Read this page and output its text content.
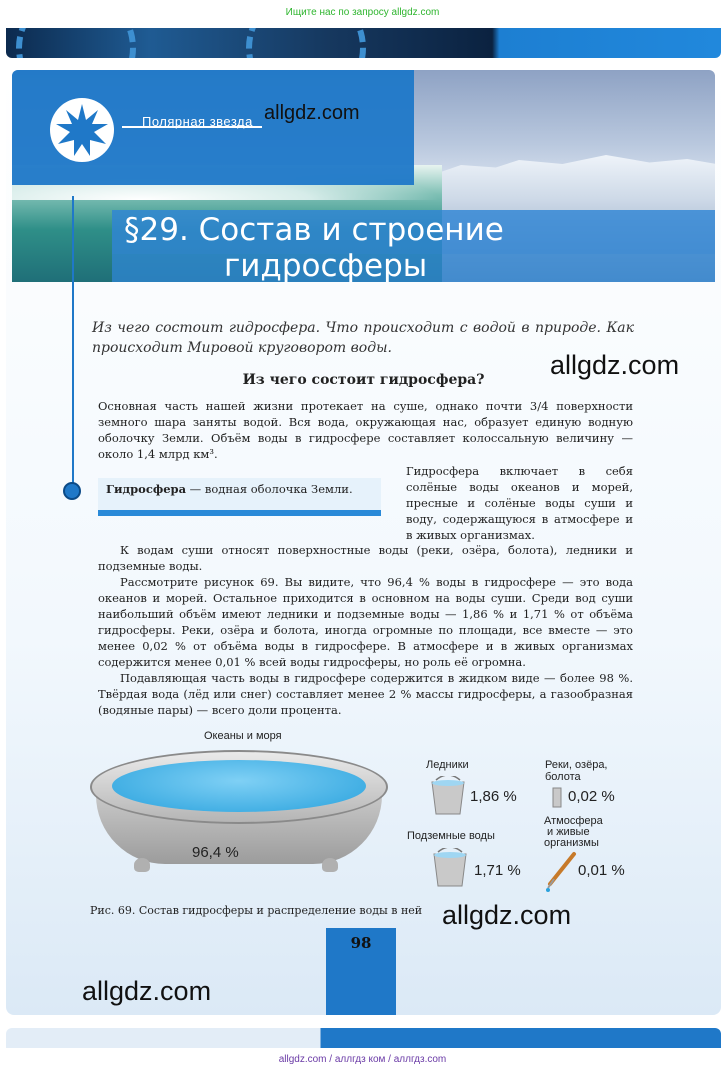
Ищите нас по запросу allgdz.com
Полярная звезда
§29. Состав и строение
гидросферы
allgdz.com
Из чего состоит гидросфера. Что происходит с водой в природе. Как происходит Мировой круговорот воды.
allgdz.com
Из чего состоит гидросфера?
Основная часть нашей жизни протекает на суше, однако почти 3/4 поверхности земного шара заняты водой. Вся вода, окружающая нас, образует единую водную оболочку Земли. Объём воды в гидросфере составляет колоссальную величину — около 1,4 млрд км³.
Гидросфера — водная оболочка Земли.
Гидросфера включает в себя солёные воды океанов и морей, пресные и солёные воды суши и воду, содержащуюся в атмосфере и в живых организмах.
К водам суши относят поверхностные воды (реки, озёра, болота), ледники и подземные воды.
Рассмотрите рисунок 69. Вы видите, что 96,4 % воды в гидросфере — это вода океанов и морей. Остальное приходится в основном на воды суши. Среди вод суши наибольший объём имеют ледники и подземные воды — 1,86 % и 1,71 % от объёма гидросферы. Реки, озёра и болота, иногда огромные по площади, все вместе — это менее 0,02 % от объёма воды в гидросфере. В атмосфере и в живых организмах содержится менее 0,01 % всей воды гидросферы, но роль её огромна.
Подавляющая часть воды в гидросфере содержится в жидком виде — более 98 %. Твёрдая вода (лёд или снег) составляет менее 2 % массы гидросферы, а газообразная (водяные пары) — всего доли процента.
Океаны и моря
96,4 %
Ледники
1,86 %
Реки, озёра,
болота
0,02 %
Подземные воды
1,71 %
Атмосфера
и живые
организмы
0,01 %
Рис. 69. Состав гидросферы и распределение воды в ней allgdz.com
98
allgdz.com
allgdz.com / аллгдз ком / аллгдз.com
